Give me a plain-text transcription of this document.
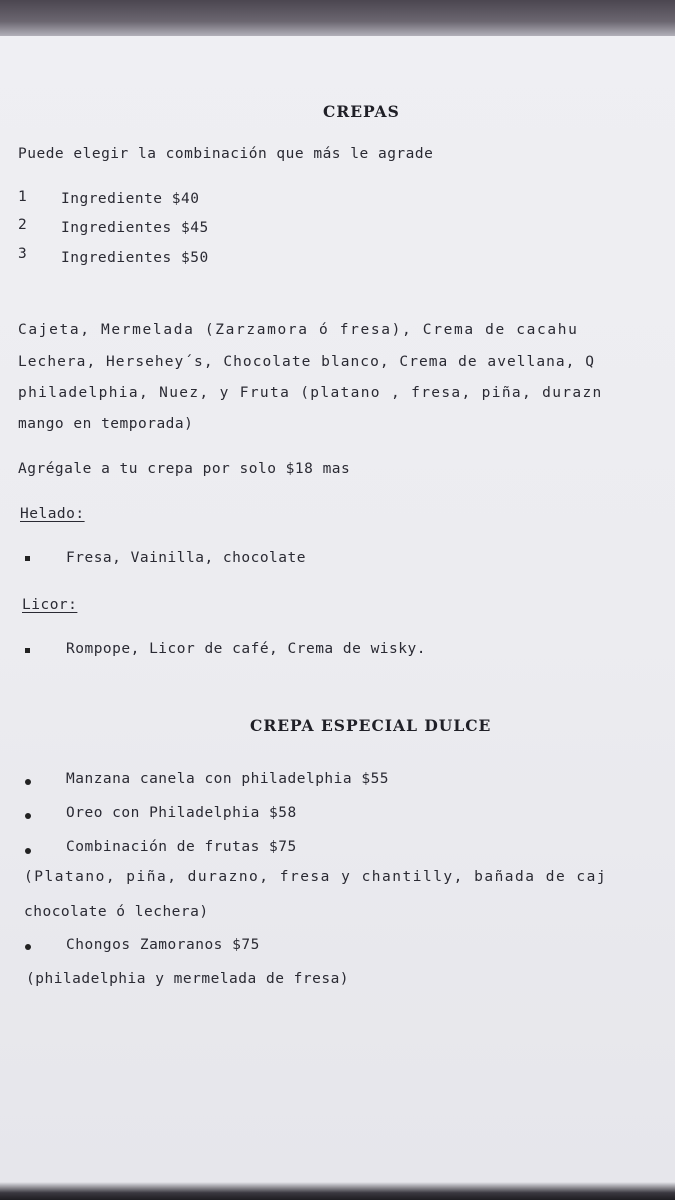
CREPAS
Puede elegir la combinación que más le agrade
1 Ingrediente $40
2 Ingredientes $45
3 Ingredientes $50
Cajeta, Mermelada (Zarzamora ó fresa), Crema de cacahu
Lechera, Hersehey´s, Chocolate blanco, Crema de avellana, Q
philadelphia, Nuez, y Fruta (platano , fresa, piña, durazn
mango en temporada)
Agrégale a tu crepa por solo $18 mas
Helado:
Fresa, Vainilla, chocolate
Licor:
Rompope, Licor de café, Crema de wisky.
CREPA ESPECIAL DULCE
Manzana canela con philadelphia $55
Oreo con Philadelphia $58
Combinación de frutas $75
(Platano, piña, durazno, fresa y chantilly, bañada de caj
chocolate ó lechera)
Chongos Zamoranos $75
(philadelphia y mermelada de fresa)
